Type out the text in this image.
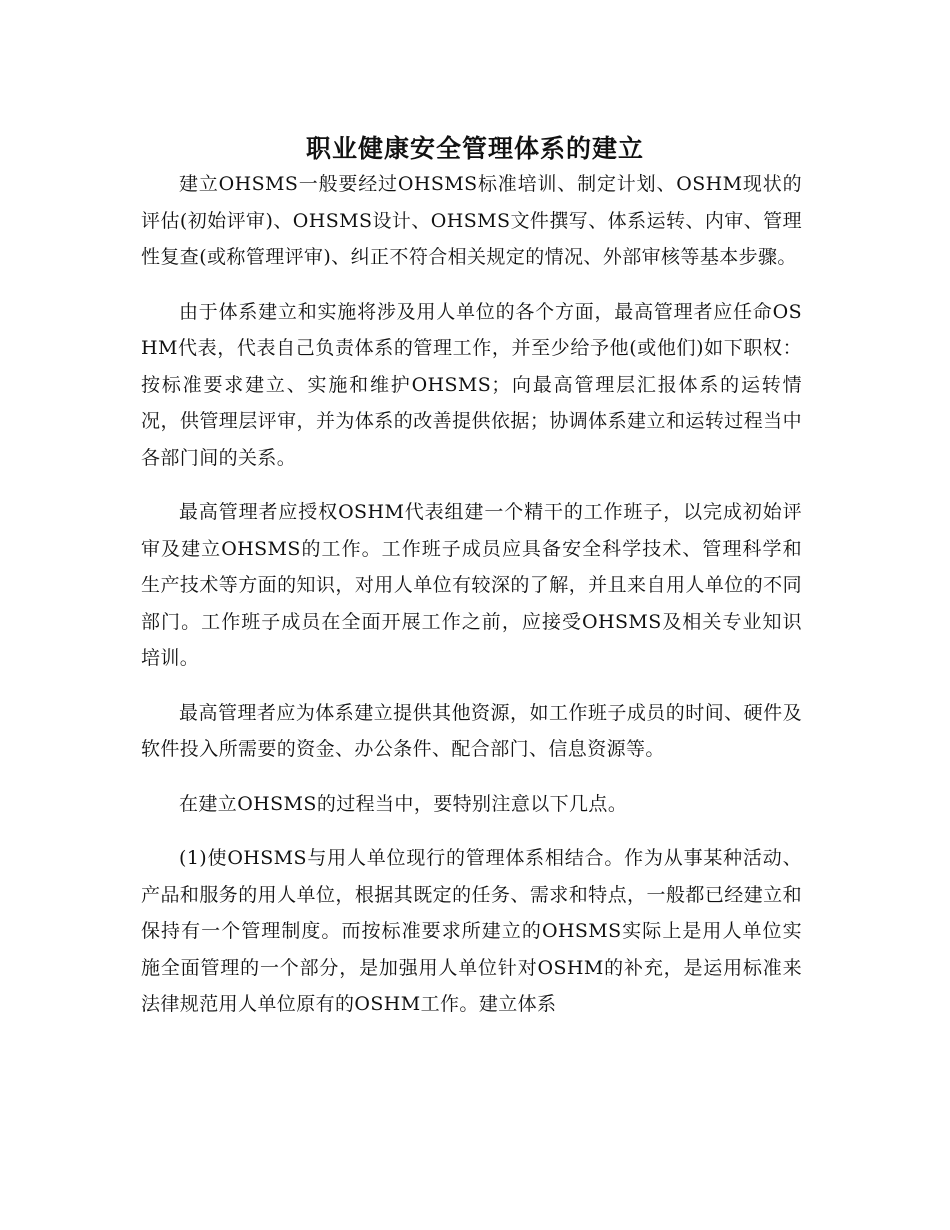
职业健康安全管理体系的建立

建立OHSMS一般要经过OHSMS标准培训、制定计划、OSHM现状的评估(初始评审)、OHSMS设计、OHSMS文件撰写、体系运转、内审、管理性复查(或称管理评审)、纠正不符合相关规定的情况、外部审核等基本步骤。

由于体系建立和实施将涉及用人单位的各个方面，最高管理者应任命OSHM代表，代表自己负责体系的管理工作，并至少给予他(或他们)如下职权：按标准要求建立、实施和维护OHSMS；向最高管理层汇报体系的运转情况，供管理层评审，并为体系的改善提供依据；协调体系建立和运转过程当中各部门间的关系。

最高管理者应授权OSHM代表组建一个精干的工作班子，以完成初始评审及建立OHSMS的工作。工作班子成员应具备安全科学技术、管理科学和生产技术等方面的知识，对用人单位有较深的了解，并且来自用人单位的不同部门。工作班子成员在全面开展工作之前，应接受OHSMS及相关专业知识培训。

最高管理者应为体系建立提供其他资源，如工作班子成员的时间、硬件及软件投入所需要的资金、办公条件、配合部门、信息资源等。

在建立OHSMS的过程当中，要特别注意以下几点。

(1)使OHSMS与用人单位现行的管理体系相结合。作为从事某种活动、产品和服务的用人单位，根据其既定的任务、需求和特点，一般都已经建立和保持有一个管理制度。而按标准要求所建立的OHSMS实际上是用人单位实施全面管理的一个部分，是加强用人单位针对OSHM的补充，是运用标准来法律规范用人单位原有的OSHM工作。建立体系
